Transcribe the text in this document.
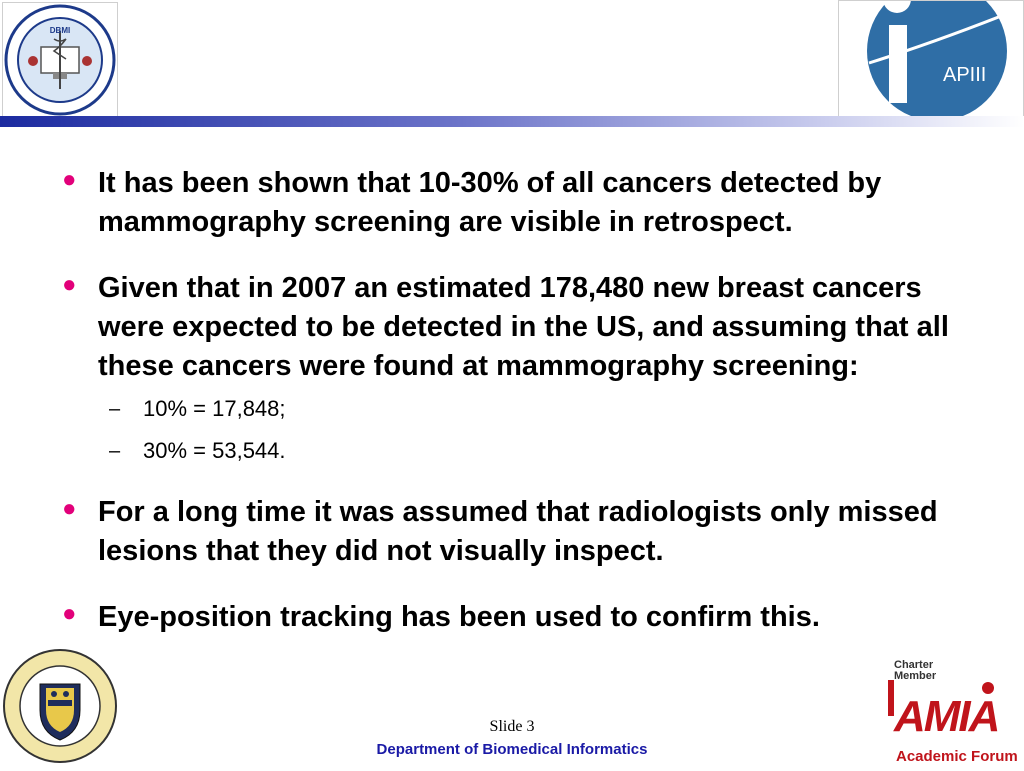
DBMI
APIII
● It has been shown that 10-30% of all cancers detected by mammography screening are visible in retrospect.
● Given that in 2007 an estimated 178,480 new breast cancers were expected to be detected in the US, and assuming that all these cancers were found at mammography screening:
– 10% = 17,848;
– 30% = 53,544.
● For a long time it was assumed that radiologists only missed lesions that they did not visually inspect.
● Eye-position tracking has been used to confirm this.
Slide 3
Department of Biomedical Informatics
Charter Member
AMIA
Academic Forum
